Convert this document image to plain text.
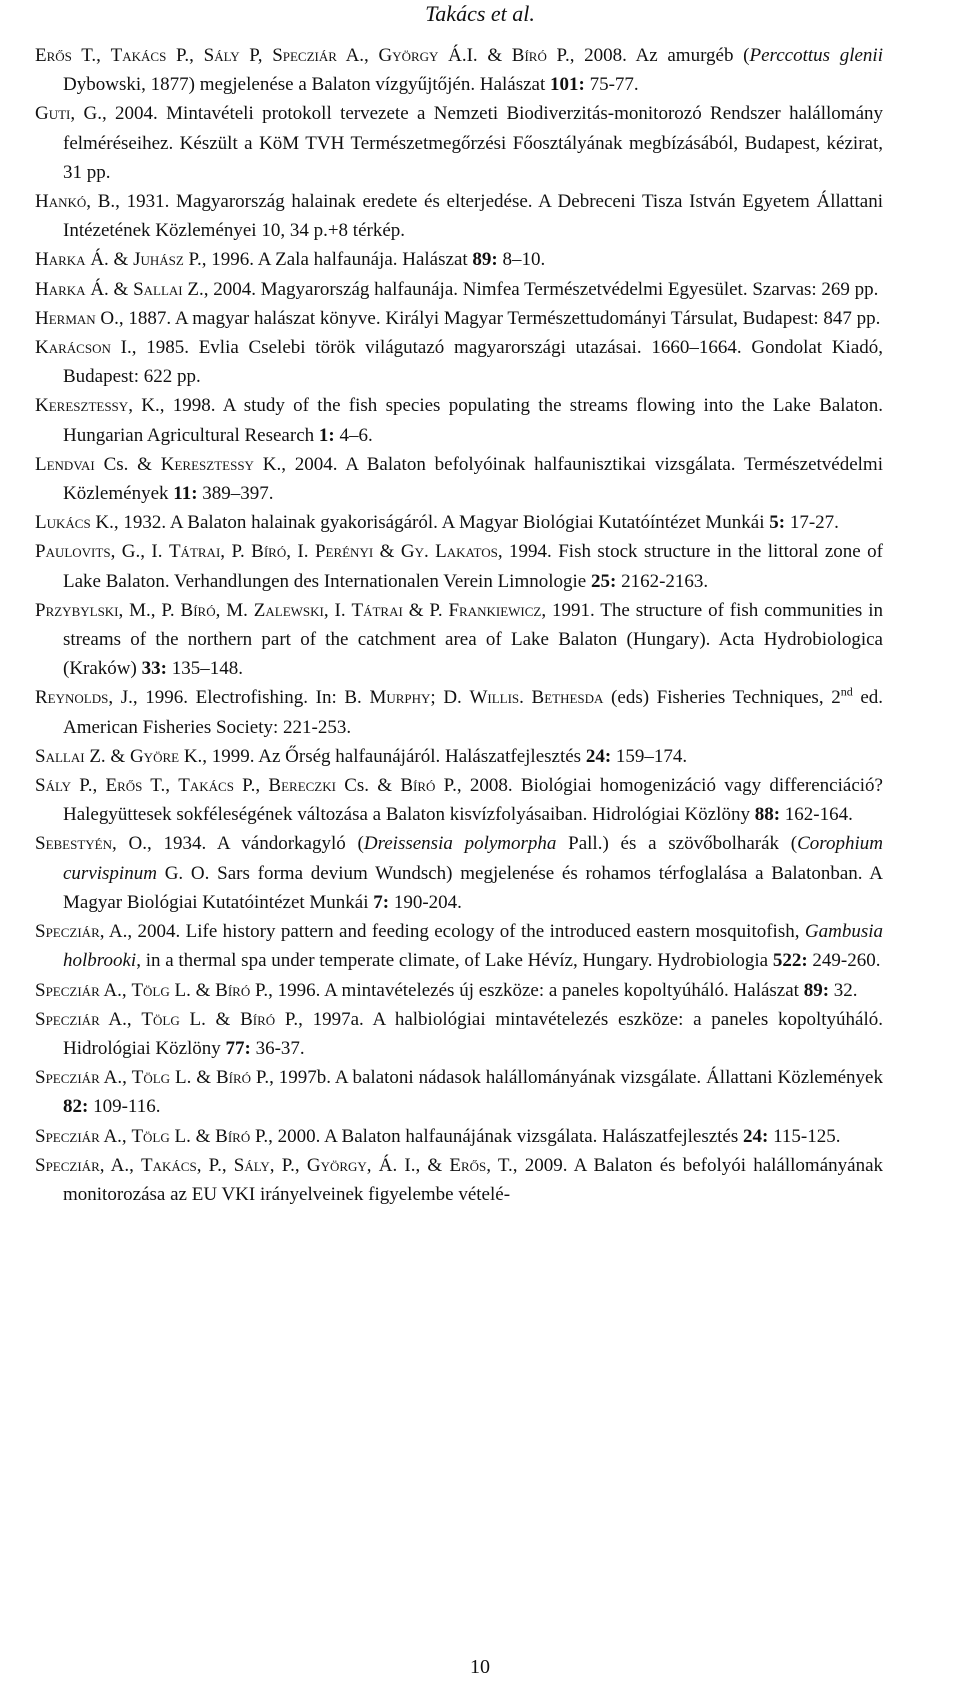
Takács et al.
Erős T., Takács P., Sály P, Specziár A., György Á.I. & Bíró P., 2008. Az amurgéb (Perccottus glenii Dybowski, 1877) megjelenése a Balaton vízgyűjtőjén. Halászat 101: 75-77.
Guti, G., 2004. Mintavételi protokoll tervezete a Nemzeti Biodiverzitás-monitorozó Rendszer halállomány felméréseihez. Készült a KöM TVH Természetmegőrzési Főosztályának megbízásából, Budapest, kézirat, 31 pp.
Hankó, B., 1931. Magyarország halainak eredete és elterjedése. A Debreceni Tisza István Egyetem Állattani Intézetének Közleményei 10, 34 p.+8 térkép.
Harka Á. & Juhász P., 1996. A Zala halfaunája. Halászat 89: 8–10.
Harka Á. & Sallai Z., 2004. Magyarország halfaunája. Nimfea Természetvédelmi Egyesület. Szarvas: 269 pp.
Herman O., 1887. A magyar halászat könyve. Királyi Magyar Természettudományi Társulat, Budapest: 847 pp.
Karácson I., 1985. Evlia Cselebi török világutazó magyarországi utazásai. 1660–1664. Gondolat Kiadó, Budapest: 622 pp.
Keresztessy, K., 1998. A study of the fish species populating the streams flowing into the Lake Balaton. Hungarian Agricultural Research 1: 4–6.
Lendvai Cs. & Keresztessy K., 2004. A Balaton befolyóinak halfaunisztikai vizsgálata. Természetvédelmi Közlemények 11: 389–397.
Lukács K., 1932. A Balaton halainak gyakoriságáról. A Magyar Biológiai Kutatóíntézet Munkái 5: 17-27.
Paulovits, G., I. Tátrai, P. Bíró, I. Perényi & Gy. Lakatos, 1994. Fish stock structure in the littoral zone of Lake Balaton. Verhandlungen des Internationalen Verein Limnologie 25: 2162-2163.
Przybylski, M., P. Bíró, M. Zalewski, I. Tátrai & P. Frankiewicz, 1991. The structure of fish communities in streams of the northern part of the catchment area of Lake Balaton (Hungary). Acta Hydrobiologica (Kraków) 33: 135–148.
Reynolds, J., 1996. Electrofishing. In: B. Murphy; D. Willis. Bethesda (eds) Fisheries Techniques, 2nd ed. American Fisheries Society: 221-253.
Sallai Z. & Györe K., 1999. Az Őrség halfaunájáról. Halászatfejlesztés 24: 159–174.
Sály P., Erős T., Takács P., Bereczki Cs. & Bíró P., 2008. Biológiai homogenizáció vagy differenciáció? Halegyüttesek sokféleségének változása a Balaton kisvízfolyásaiban. Hidrológiai Közlöny 88: 162-164.
Sebestyén, O., 1934. A vándorkagyló (Dreissensia polymorpha Pall.) és a szövőbolharák (Corophium curvispinum G. O. Sars forma devium Wundsch) megjelenése és rohamos térfoglalása a Balatonban. A Magyar Biológiai Kutatóintézet Munkái 7: 190-204.
Specziár, A., 2004. Life history pattern and feeding ecology of the introduced eastern mosquitofish, Gambusia holbrooki, in a thermal spa under temperate climate, of Lake Hévíz, Hungary. Hydrobiologia 522: 249-260.
Specziár A., Tölg L. & Bíró P., 1996. A mintavételezés új eszköze: a paneles kopoltyúháló. Halászat 89: 32.
Specziár A., Tölg L. & Bíró P., 1997a. A halbiológiai mintavételezés eszköze: a paneles kopoltyúháló. Hidrológiai Közlöny 77: 36-37.
Specziár A., Tölg L. & Bíró P., 1997b. A balatoni nádasok halállományának vizsgálate. Állattani Közlemények 82: 109-116.
Specziár A., Tölg L. & Bíró P., 2000. A Balaton halfaunájának vizsgálata. Halászatfejlesztés 24: 115-125.
Specziár, A., Takács, P., Sály, P., György, Á. I., & Erős, T., 2009. A Balaton és befolyói halállományának monitorozása az EU VKI irányelveinek figyelembe vételé-
10
